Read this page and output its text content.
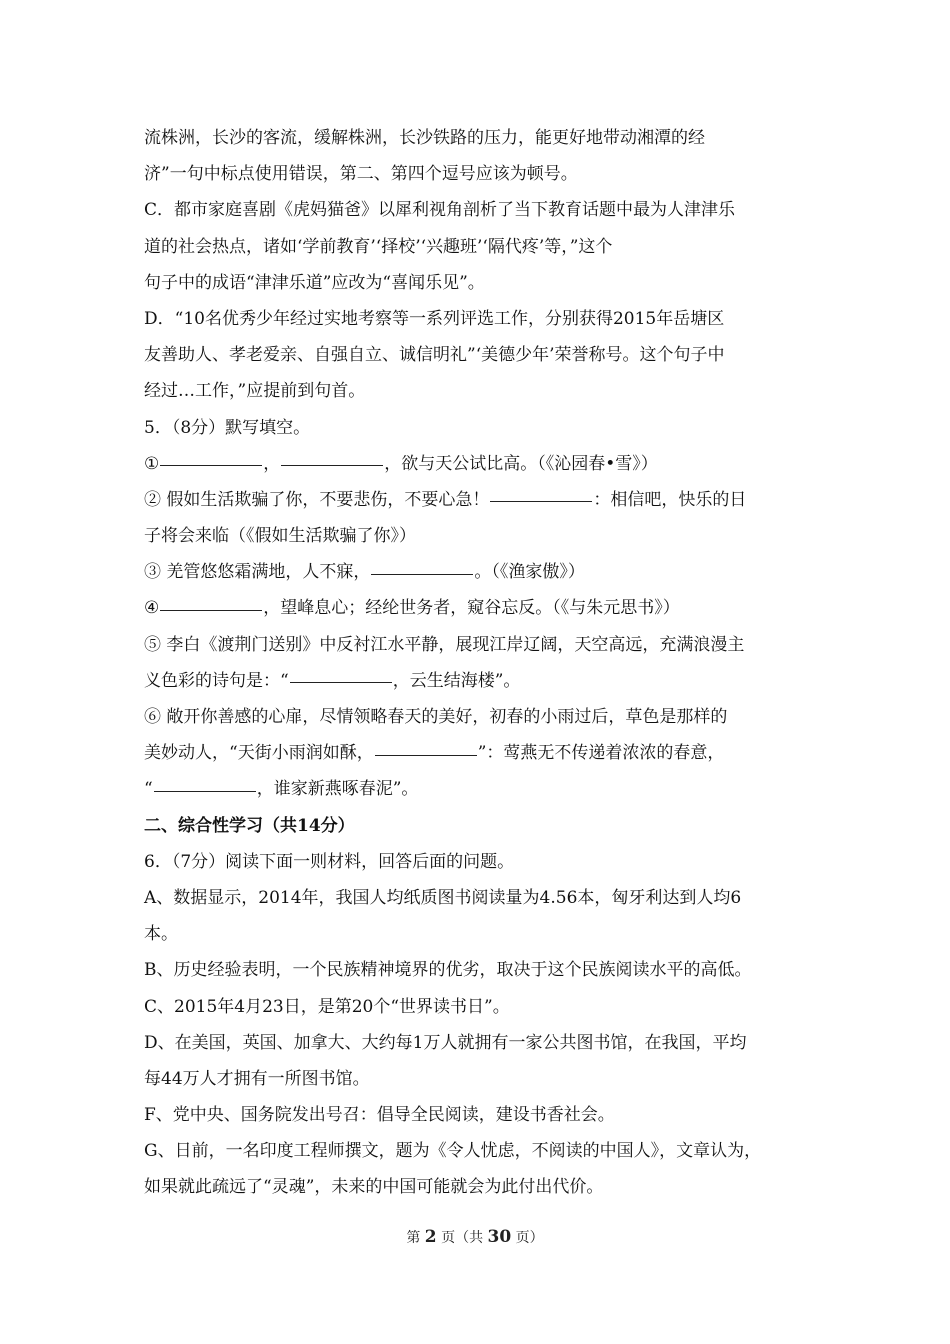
流株洲，长沙的客流，缓解株洲，长沙铁路的压力，能更好地带动湘潭的经
济”一句中标点使用错误，第二、第四个逗号应该为顿号。
C．都市家庭喜剧《虎妈猫爸》以犀利视角剖析了当下教育话题中最为人津津乐
道的社会热点，诸如‘学前教育’‘择校’‘兴趣班’‘隔代疼’等，”这个
句子中的成语“津津乐道”应改为“喜闻乐见”。
D．“10名优秀少年经过实地考察等一系列评选工作，分别获得2015年岳塘区
友善助人、孝老爱亲、自强自立、诚信明礼”‘美德少年’荣誉称号。这个句子中
经过…工作，”应提前到句首。
5．（8分）默写填空。
①	，	，欲与天公试比高。（《沁园春•雪》）
② 假如生活欺骗了你，不要悲伤，不要心急！	：相信吧，快乐的日
子将会来临（《假如生活欺骗了你》）
③ 羌管悠悠霜满地，人不寐，	。（《渔家傲》）
④	，望峰息心；经纶世务者，窥谷忘反。（《与朱元思书》）
⑤ 李白《渡荆门送别》中反衬江水平静，展现江岸辽阔，天空高远，充满浪漫主
义色彩的诗句是：“	，云生结海楼”。
⑥ 敞开你善感的心扉，尽情领略春天的美好，初春的小雨过后，草色是那样的
美妙动人，“天街小雨润如酥，	”：莺燕无不传递着浓浓的春意，
“	，谁家新燕啄春泥”。
二、综合性学习（共14分）
6．（7分）阅读下面一则材料，回答后面的问题。
A、数据显示，2014年，我国人均纸质图书阅读量为4.56本，匈牙利达到人均6
本。
B、历史经验表明，一个民族精神境界的优劣，取决于这个民族阅读水平的高低。
C、2015年4月23日，是第20个“世界读书日”。
D、在美国，英国、加拿大、大约每1万人就拥有一家公共图书馆，在我国，平均
每44万人才拥有一所图书馆。
F、党中央、国务院发出号召：倡导全民阅读，建设书香社会。
G、日前，一名印度工程师撰文，题为《令人忧虑，不阅读的中国人》，文章认为，
如果就此疏远了“灵魂”，未来的中国可能就会为此付出代价。
第 2 页（共 30 页）
